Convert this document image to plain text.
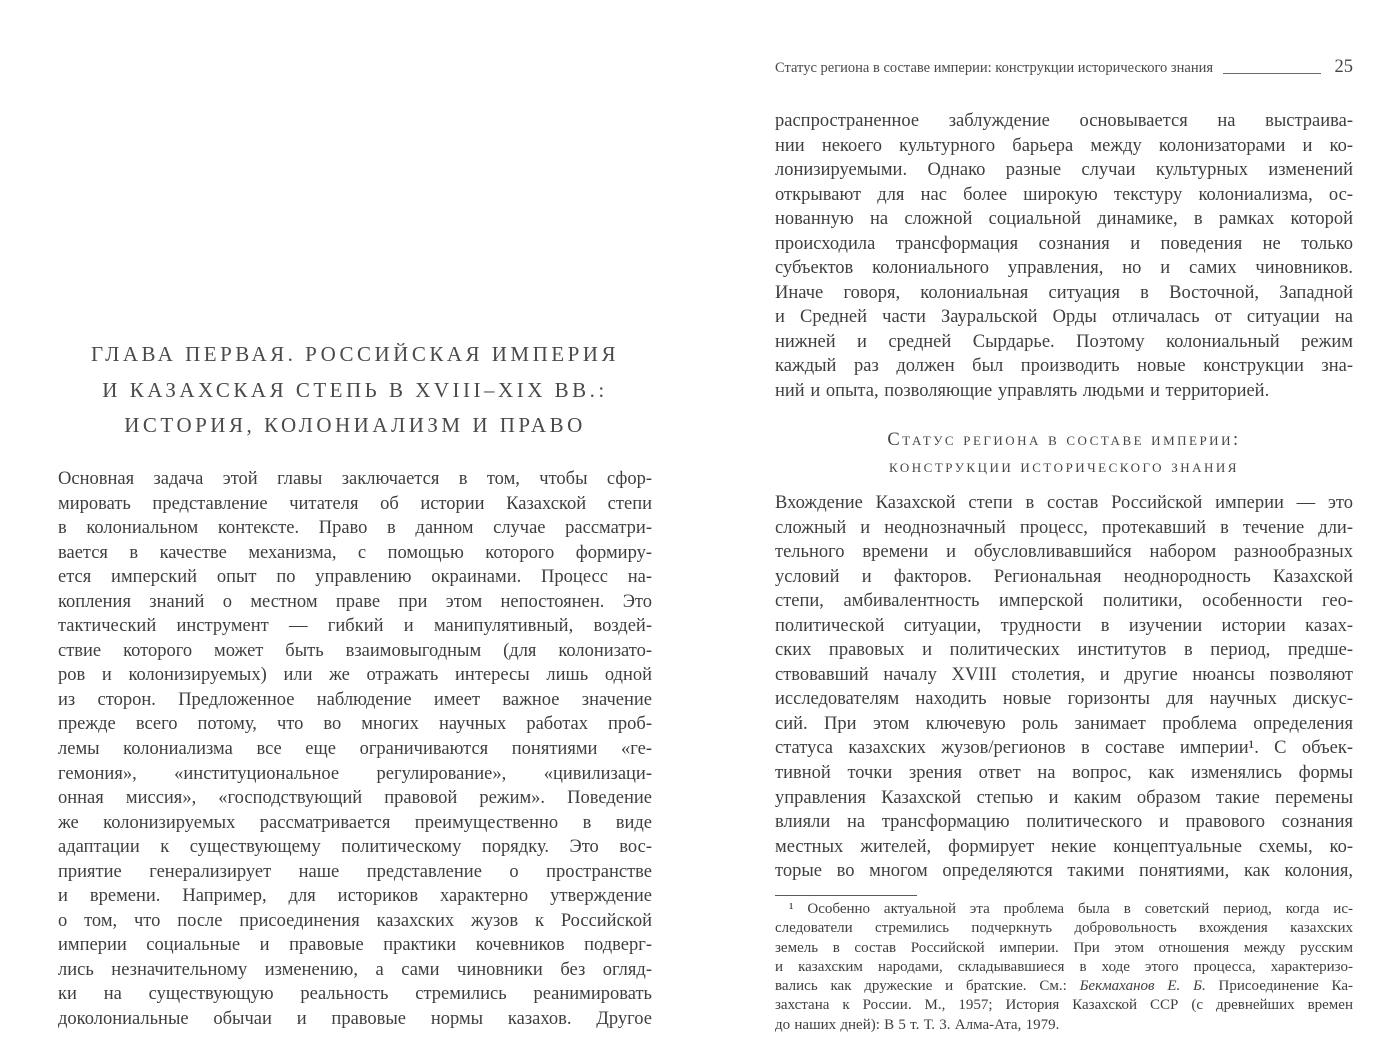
ГЛАВА ПЕРВАЯ. РОССИЙСКАЯ ИМПЕРИЯ
И КАЗАХСКАЯ СТЕПЬ В XVIII–XIX ВВ.:
ИСТОРИЯ, КОЛОНИАЛИЗМ И ПРАВО
Основная задача этой главы заключается в том, чтобы сфор-
мировать представление читателя об истории Казахской степи
в колониальном контексте. Право в данном случае рассматри-
вается в качестве механизма, с помощью которого формиру-
ется имперский опыт по управлению окраинами. Процесс на-
копления знаний о местном праве при этом непостоянен. Это
тактический инструмент — гибкий и манипулятивный, воздей-
ствие которого может быть взаимовыгодным (для колонизато-
ров и колонизируемых) или же отражать интересы лишь одной
из сторон. Предложенное наблюдение имеет важное значение
прежде всего потому, что во многих научных работах проб-
лемы колониализма все еще ограничиваются понятиями «ге-
гемония», «институциональное регулирование», «цивилизаци-
онная миссия», «господствующий правовой режим». Поведение
же колонизируемых рассматривается преимущественно в виде
адаптации к существующему политическому порядку. Это вос-
приятие генерализирует наше представление о пространстве
и времени. Например, для историков характерно утверждение
о том, что после присоединения казахских жузов к Российской
империи социальные и правовые практики кочевников подверг-
лись незначительному изменению, а сами чиновники без огляд-
ки на существующую реальность стремились реанимировать
доколониальные обычаи и правовые нормы казахов. Другое
Статус региона в составе империи: конструкции исторического знания	25
распространенное заблуждение основывается на выстраива-
нии некоего культурного барьера между колонизаторами и ко-
лонизируемыми. Однако разные случаи культурных изменений
открывают для нас более широкую текстуру колониализма, ос-
нованную на сложной социальной динамике, в рамках которой
происходила трансформация сознания и поведения не только
субъектов колониального управления, но и самих чиновников.
Иначе говоря, колониальная ситуация в Восточной, Западной
и Средней части Зауральской Орды отличалась от ситуации на
нижней и средней Сырдарье. Поэтому колониальный режим
каждый раз должен был производить новые конструкции зна-
ний и опыта, позволяющие управлять людьми и территорией.
Статус региона в составе империи:
конструкции исторического знания
Вхождение Казахской степи в состав Российской империи — это
сложный и неоднозначный процесс, протекавший в течение дли-
тельного времени и обусловливавшийся набором разнообразных
условий и факторов. Региональная неоднородность Казахской
степи, амбивалентность имперской политики, особенности гео-
политической ситуации, трудности в изучении истории казах-
ских правовых и политических институтов в период, предше-
ствовавший началу XVIII столетия, и другие нюансы позволяют
исследователям находить новые горизонты для научных дискус-
сий. При этом ключевую роль занимает проблема определения
статуса казахских жузов/регионов в составе империи¹. С объек-
тивной точки зрения ответ на вопрос, как изменялись формы
управления Казахской степью и каким образом такие перемены
влияли на трансформацию политического и правового сознания
местных жителей, формирует некие концептуальные схемы, ко-
торые во многом определяются такими понятиями, как колония,
¹ Особенно актуальной эта проблема была в советский период, когда ис-
следователи стремились подчеркнуть добровольность вхождения казахских
земель в состав Российской империи. При этом отношения между русским
и казахским народами, складывавшиеся в ходе этого процесса, характеризо-
вались как дружеские и братские. См.: Бекмаханов Е. Б. Присоединение Ка-
захстана к России. М., 1957; История Казахской ССР (с древнейших времен
до наших дней): В 5 т. Т. 3. Алма-Ата, 1979.
